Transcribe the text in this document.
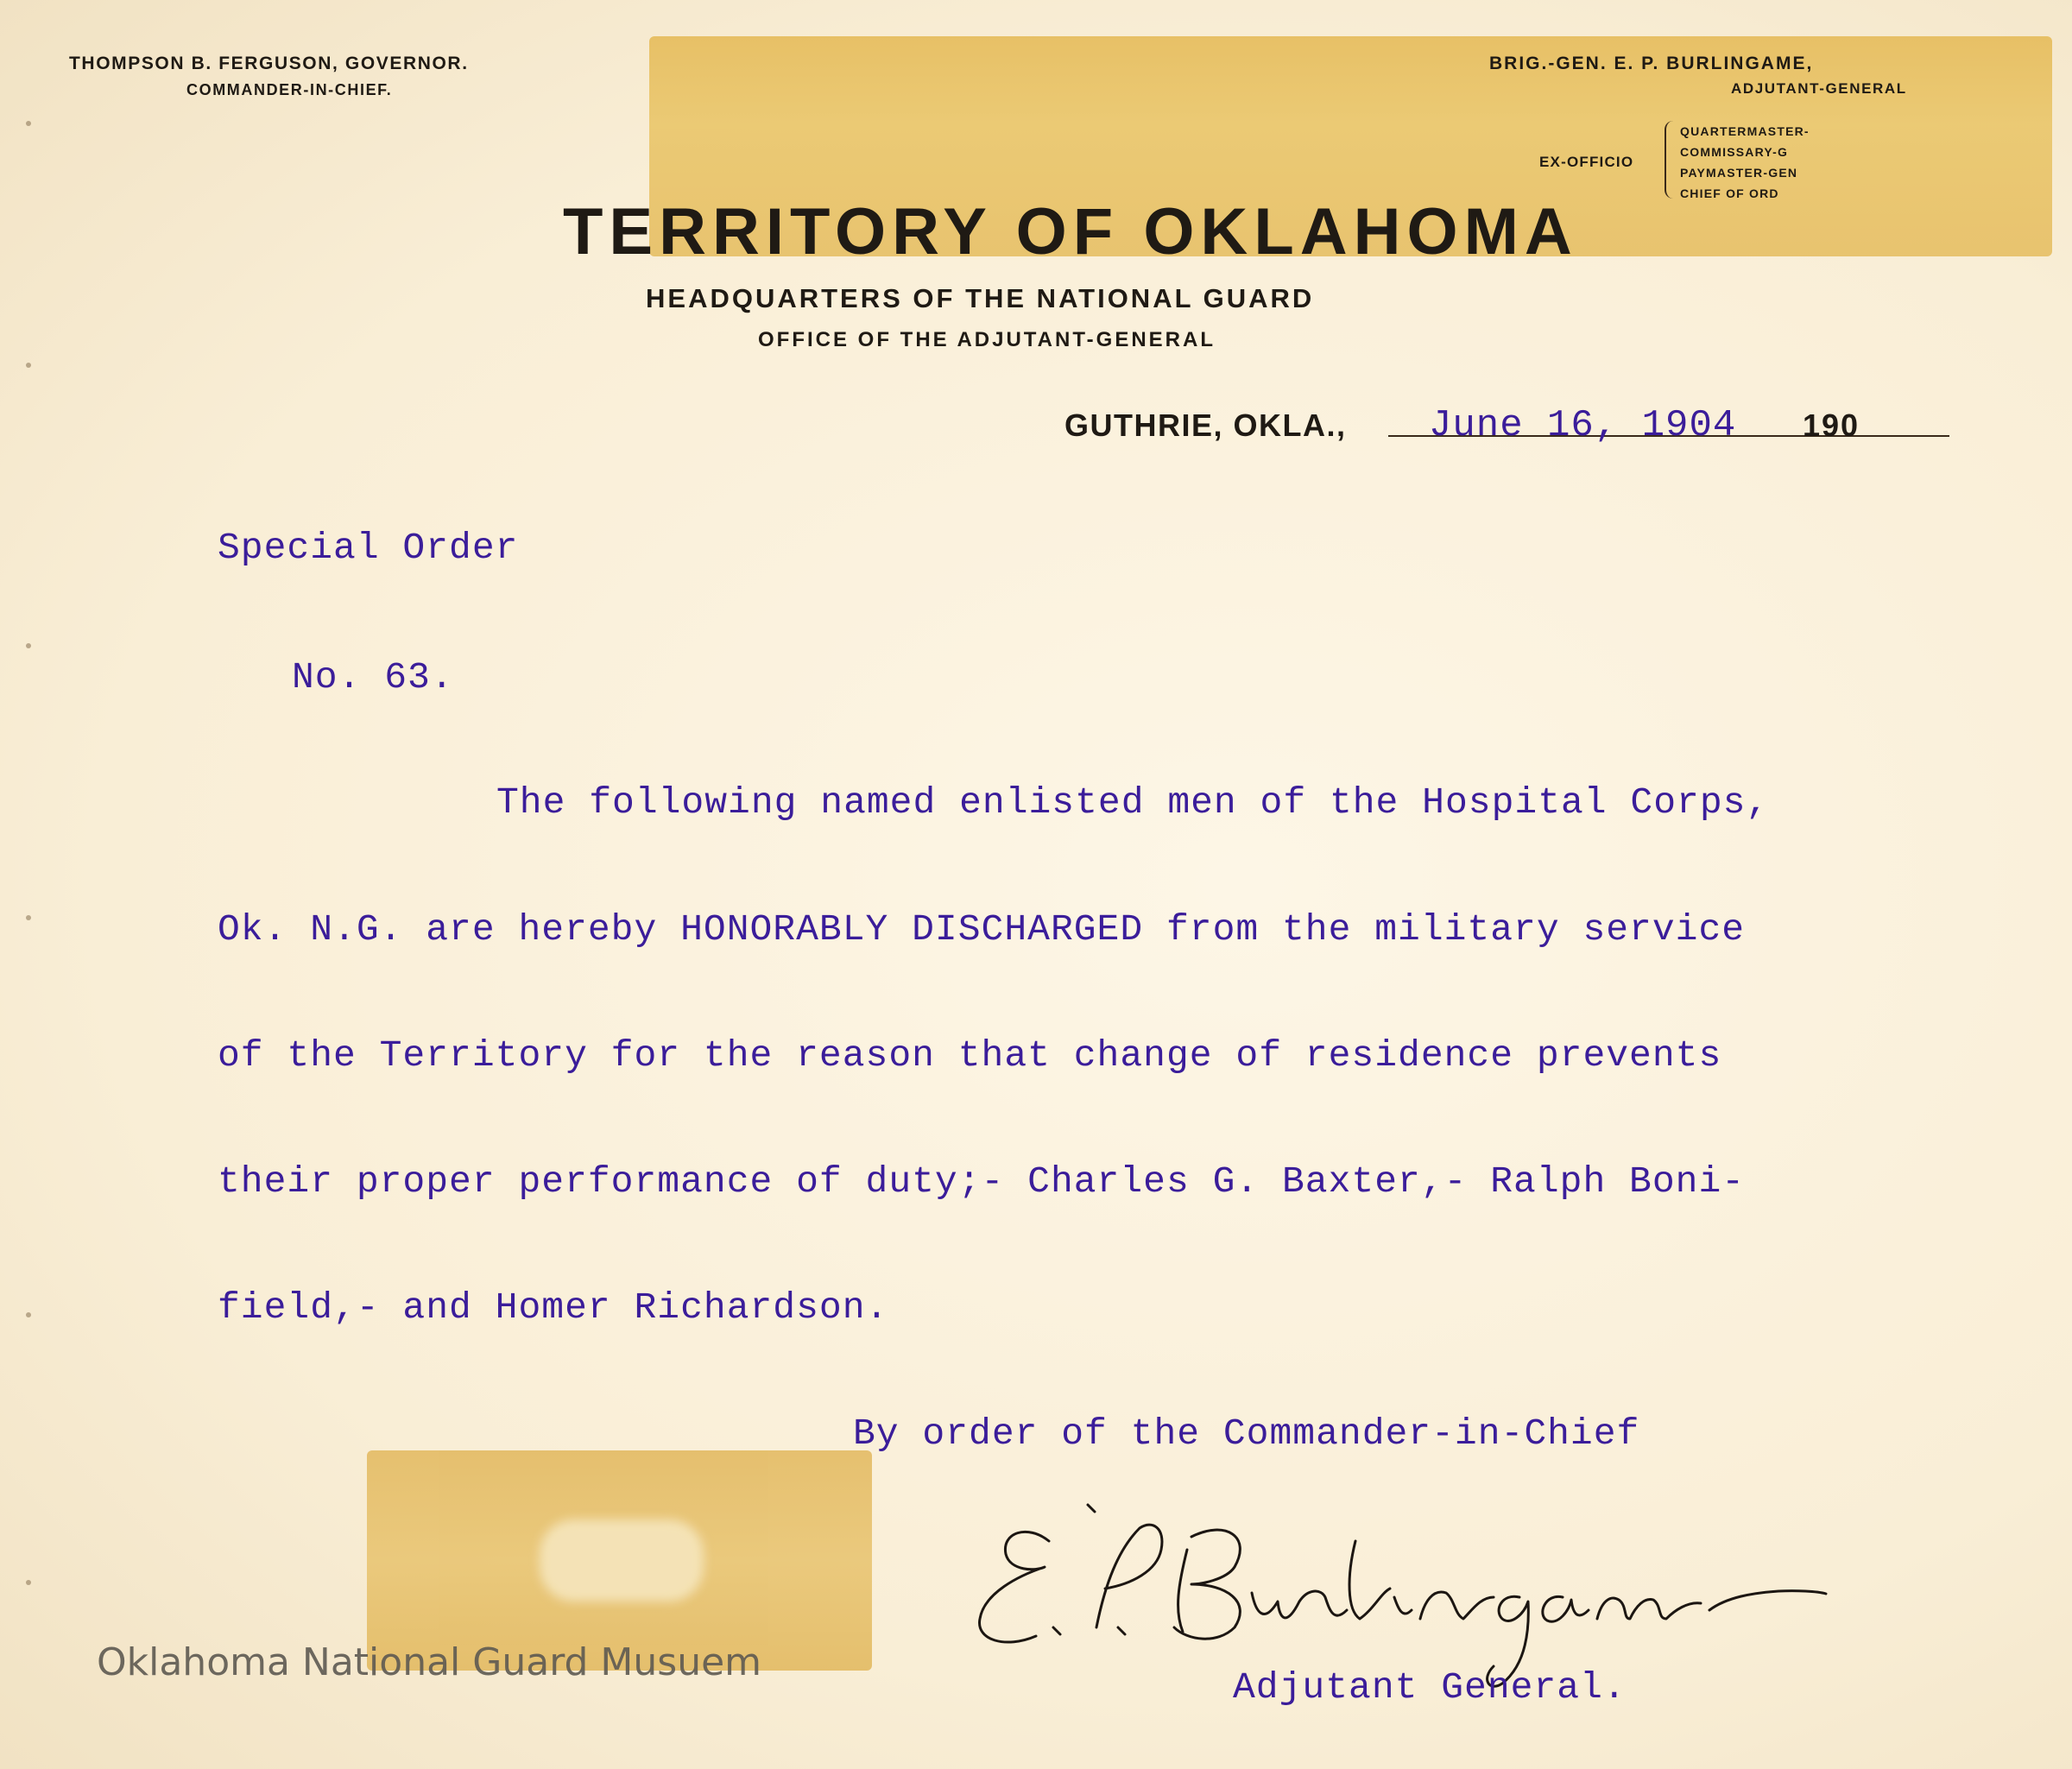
THOMPSON B. FERGUSON, GOVERNOR.
COMMANDER-IN-CHIEF.
BRIG.-GEN. E. P. BURLINGAME,
ADJUTANT-GENERAL
EX-OFFICIO
QUARTERMASTER-
COMMISSARY-G
PAYMASTER-GEN
CHIEF OF ORD
TERRITORY OF OKLAHOMA
HEADQUARTERS OF THE NATIONAL GUARD
OFFICE OF THE ADJUTANT-GENERAL
GUTHRIE, OKLA., June 16, 1904 190
Special Order
No. 63.
The following named enlisted men of the Hospital Corps,
Ok. N.G. are hereby HONORABLY DISCHARGED from the military service
of the Territory for the reason that change of residence prevents
their proper performance of duty;- Charles G. Baxter,- Ralph Boni-
field,- and Homer Richardson.
By order of the Commander-in-Chief
Adjutant General.
Oklahoma National Guard Musuem
